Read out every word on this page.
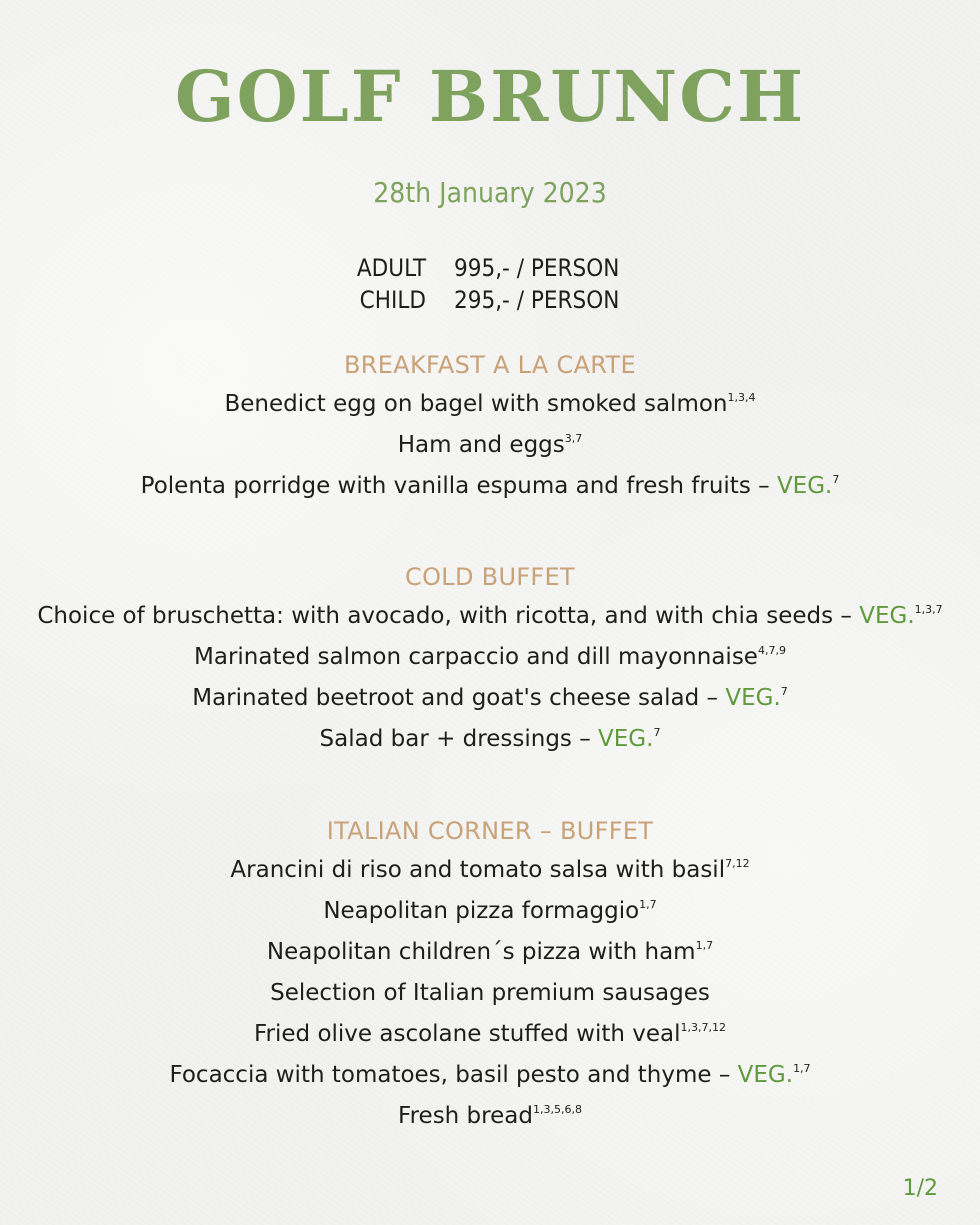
GOLF BRUNCH
28th January 2023
ADULT 995,- / PERSON
CHILD 295,- / PERSON
BREAKFAST A LA CARTE
Benedict egg on bagel with smoked salmon$^{1,3,4}$
Ham and eggs$^{3,7}$
Polenta porridge with vanilla espuma and fresh fruits – VEG.$^7$
COLD BUFFET
Choice of bruschetta: with avocado, with ricotta, and with chia seeds – VEG.$^{1,3,7}$
Marinated salmon carpaccio and dill mayonnaise$^{4,7,9}$
Marinated beetroot and goat's cheese salad – VEG.$^7$
Salad bar + dressings – VEG.$^7$
ITALIAN CORNER – BUFFET
Arancini di riso and tomato salsa with basil$^{7,12}$
Neapolitan pizza formaggio$^{1,7}$
Neapolitan children´s pizza with ham$^{1,7}$
Selection of Italian premium sausages
Fried olive ascolane stuffed with veal$^{1,3,7,12}$
Focaccia with tomatoes, basil pesto and thyme – VEG.$^{1,7}$
Fresh bread$^{1,3,5,6,8}$
1/2
